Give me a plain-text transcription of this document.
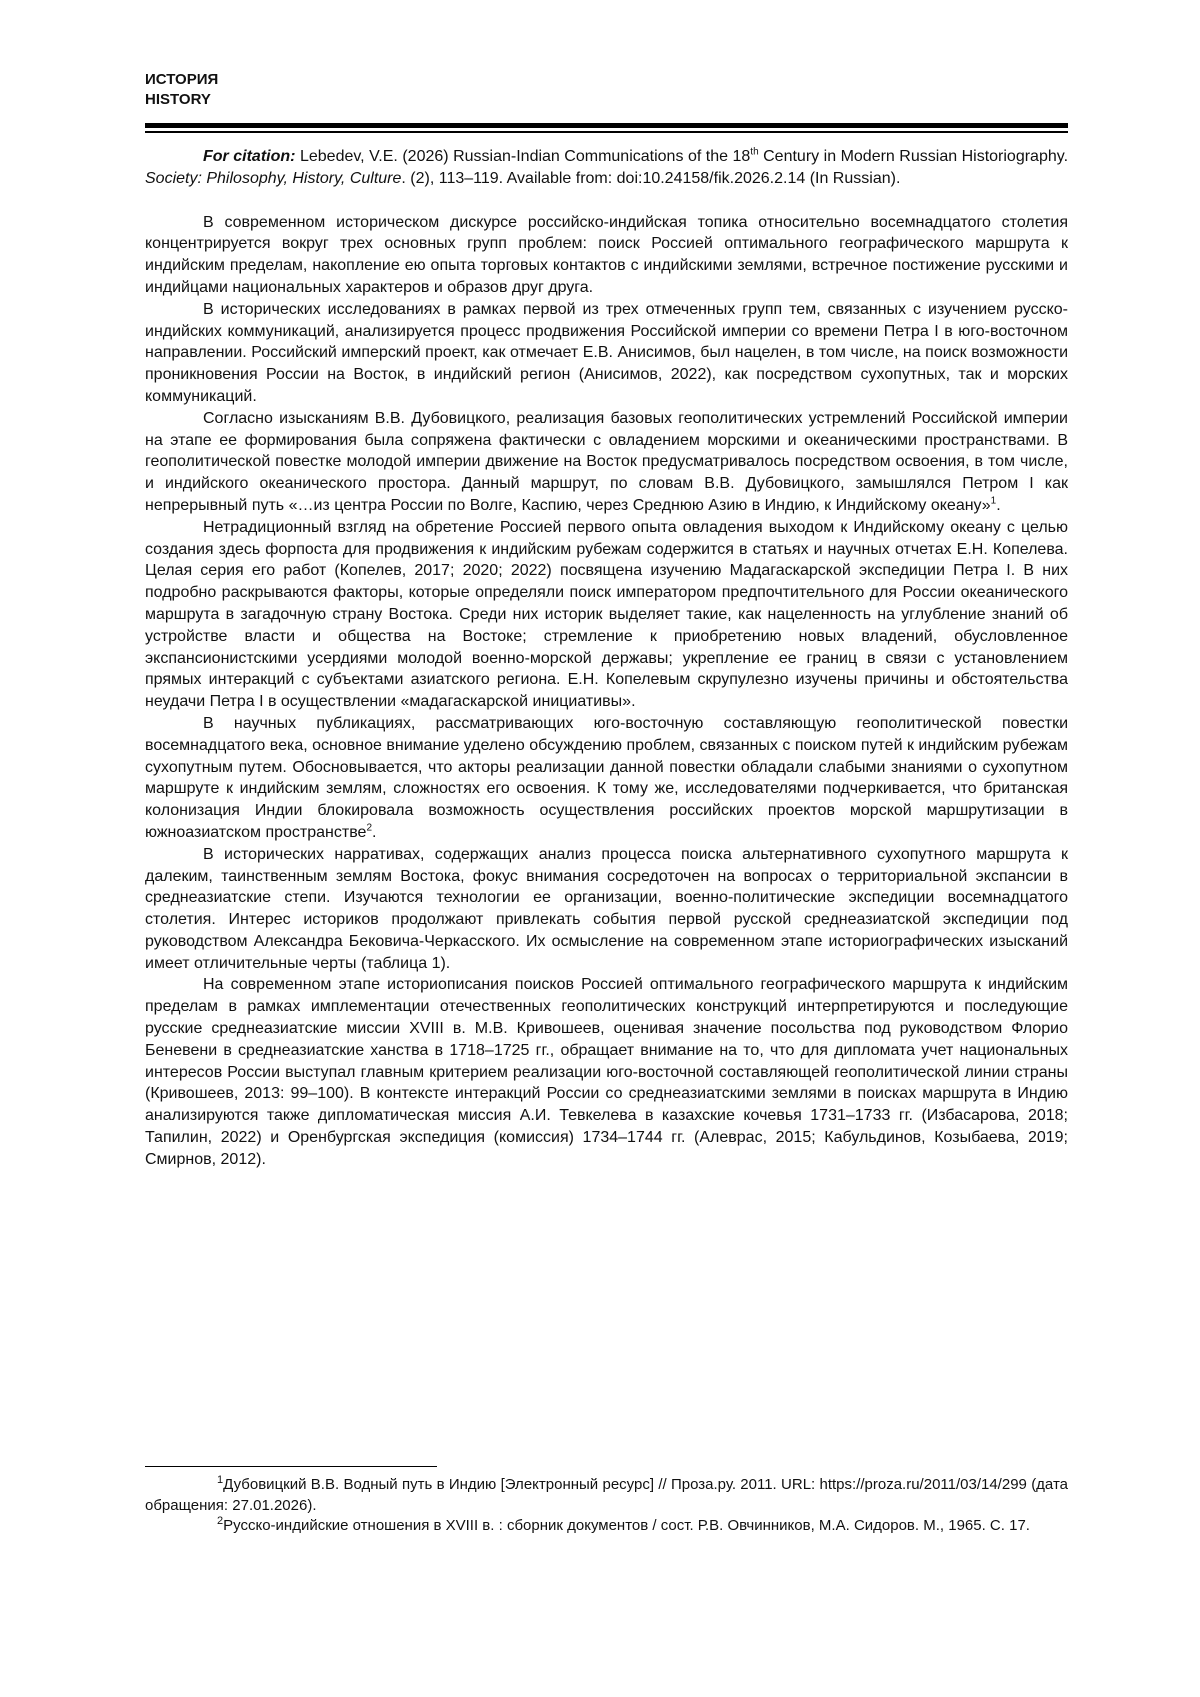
ИСТОРИЯ
HISTORY

For citation: Lebedev, V.E. (2026) Russian-Indian Communications of the 18th Century in Modern Russian Historiography. Society: Philosophy, History, Culture. (2), 113–119. Available from: doi:10.24158/fik.2026.2.14 (In Russian).

В современном историческом дискурсе российско-индийская топика относительно восемнадцатого столетия концентрируется вокруг трех основных групп проблем: поиск Россией оптимального географического маршрута к индийским пределам, накопление ею опыта торговых контактов с индийскими землями, встречное постижение русскими и индийцами национальных характеров и образов друг друга.

В исторических исследованиях в рамках первой из трех отмеченных групп тем, связанных с изучением русско-индийских коммуникаций, анализируется процесс продвижения Российской империи со времени Петра I в юго-восточном направлении. Российский имперский проект, как отмечает Е.В. Анисимов, был нацелен, в том числе, на поиск возможности проникновения России на Восток, в индийский регион (Анисимов, 2022), как посредством сухопутных, так и морских коммуникаций.

Согласно изысканиям В.В. Дубовицкого, реализация базовых геополитических устремлений Российской империи на этапе ее формирования была сопряжена фактически с овладением морскими и океаническими пространствами. В геополитической повестке молодой империи движение на Восток предусматривалось посредством освоения, в том числе, и индийского океанического простора. Данный маршрут, по словам В.В. Дубовицкого, замышлялся Петром I как непрерывный путь «…из центра России по Волге, Каспию, через Среднюю Азию в Индию, к Индийскому океану»$^1$.

Нетрадиционный взгляд на обретение Россией первого опыта овладения выходом к Индийскому океану с целью создания здесь форпоста для продвижения к индийским рубежам содержится в статьях и научных отчетах Е.Н. Копелева. Целая серия его работ (Копелев, 2017; 2020; 2022) посвящена изучению Мадагаскарской экспедиции Петра I. В них подробно раскрываются факторы, которые определяли поиск императором предпочтительного для России океанического маршрута в загадочную страну Востока. Среди них историк выделяет такие, как нацеленность на углубление знаний об устройстве власти и общества на Востоке; стремление к приобретению новых владений, обусловленное экспансионистскими усердиями молодой военно-морской державы; укрепление ее границ в связи с установлением прямых интеракций с субъектами азиатского региона. Е.Н. Копелевым скрупулезно изучены причины и обстоятельства неудачи Петра I в осуществлении «мадагаскарской инициативы».

В научных публикациях, рассматривающих юго-восточную составляющую геополитической повестки восемнадцатого века, основное внимание уделено обсуждению проблем, связанных с поиском путей к индийским рубежам сухопутным путем. Обосновывается, что акторы реализации данной повестки обладали слабыми знаниями о сухопутном маршруте к индийским землям, сложностях его освоения. К тому же, исследователями подчеркивается, что британская колонизация Индии блокировала возможность осуществления российских проектов морской маршрутизации в южноазиатском пространстве$^2$.

В исторических нарративах, содержащих анализ процесса поиска альтернативного сухопутного маршрута к далеким, таинственным землям Востока, фокус внимания сосредоточен на вопросах о территориальной экспансии в среднеазиатские степи. Изучаются технологии ее организации, военно-политические экспедиции восемнадцатого столетия. Интерес историков продолжают привлекать события первой русской среднеазиатской экспедиции под руководством Александра Бековича-Черкасского. Их осмысление на современном этапе историографических изысканий имеет отличительные черты (таблица 1).

На современном этапе историописания поисков Россией оптимального географического маршрута к индийским пределам в рамках имплементации отечественных геополитических конструкций интерпретируются и последующие русские среднеазиатские миссии XVIII в. М.В. Кривошеев, оценивая значение посольства под руководством Флорио Беневени в среднеазиатские ханства в 1718–1725 гг., обращает внимание на то, что для дипломата учет национальных интересов России выступал главным критерием реализации юго-восточной составляющей геополитической линии страны (Кривошеев, 2013: 99–100). В контексте интеракций России со среднеазиатскими землями в поисках маршрута в Индию анализируются также дипломатическая миссия А.И. Тевкелева в казахские кочевья 1731–1733 гг. (Избасарова, 2018; Тапилин, 2022) и Оренбургская экспедиция (комиссия) 1734–1744 гг. (Алеврас, 2015; Кабульдинов, Козыбаева, 2019; Смирнов, 2012).

1Дубовицкий В.В. Водный путь в Индию [Электронный ресурс] // Проза.ру. 2011. URL: https://proza.ru/2011/03/14/299 (дата обращения: 27.01.2026).

2Русско-индийские отношения в XVIII в. : сборник документов / сост. Р.В. Овчинников, М.А. Сидоров. М., 1965. С. 17.
